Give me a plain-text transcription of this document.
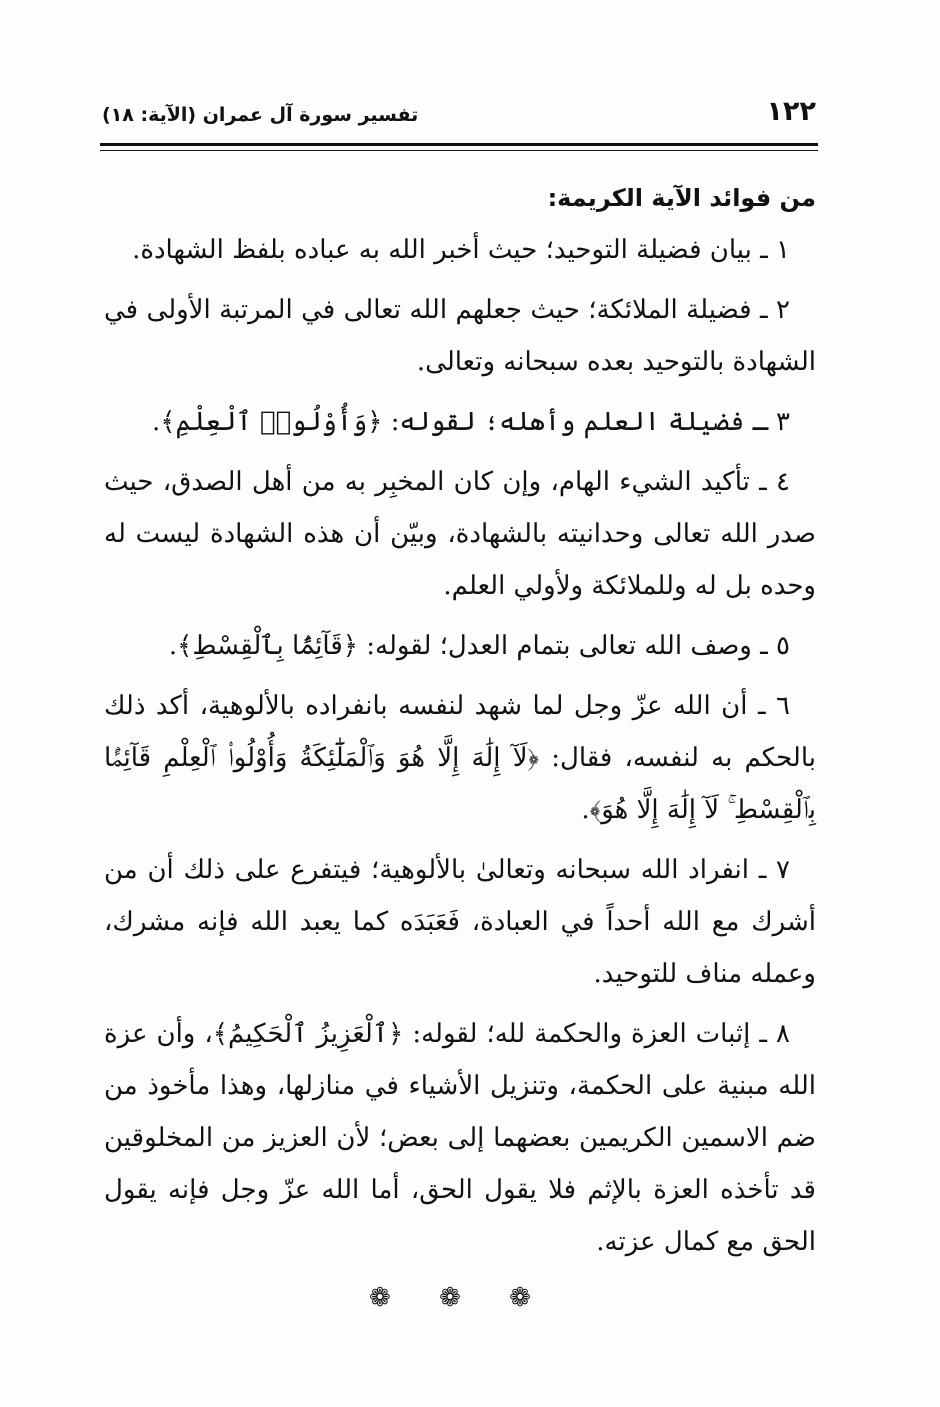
١٢٢
تفسير سورة آل عمران (الآية: ١٨)
من فوائد الآية الكريمة:

١ ـ بيان فضيلة التوحيد؛ حيث أخبر الله به عباده بلفظ الشهادة.

٢ ـ فضيلة الملائكة؛ حيث جعلهم الله تعالى في المرتبة الأولى في الشهادة بالتوحيد بعده سبحانه وتعالى.

٣ ـ فضيلة العلم وأهله؛ لقوله: ﴿وَأُوْلُوا۟ ٱلْعِلْمِ﴾.

٤ ـ تأكيد الشيء الهام، وإن كان المخبِر به من أهل الصدق، حيث صدر الله تعالى وحدانيته بالشهادة، وبيّن أن هذه الشهادة ليست له وحده بل له وللملائكة ولأولي العلم.

٥ ـ وصف الله تعالى بتمام العدل؛ لقوله: ﴿قَآئِمًۢا بِٱلْقِسْطِ﴾.

٦ ـ أن الله عزّ وجل لما شهد لنفسه بانفراده بالألوهية، أكد ذلك بالحكم به لنفسه، فقال: ﴿لَآ إِلَٰهَ إِلَّا هُوَ وَٱلْمَلَٰٓئِكَةُ وَأُوْلُوا۟ ٱلْعِلْمِ قَآئِمًۢا بِٱلْقِسْطِ ۚ لَآ إِلَٰهَ إِلَّا هُوَ﴾.

٧ ـ انفراد الله سبحانه وتعالىٰ بالألوهية؛ فيتفرع على ذلك أن من أشرك مع الله أحداً في العبادة، فَعَبَدَه كما يعبد الله فإنه مشرك، وعمله مناف للتوحيد.

٨ ـ إثبات العزة والحكمة لله؛ لقوله: ﴿ٱلْعَزِيزُ ٱلْحَكِيمُ﴾، وأن عزة الله مبنية على الحكمة، وتنزيل الأشياء في منازلها، وهذا مأخوذ من ضم الاسمين الكريمين بعضهما إلى بعض؛ لأن العزيز من المخلوقين قد تأخذه العزة بالإثم فلا يقول الحق، أما الله عزّ وجل فإنه يقول الحق مع كمال عزته.

❁ ❁ ❁
